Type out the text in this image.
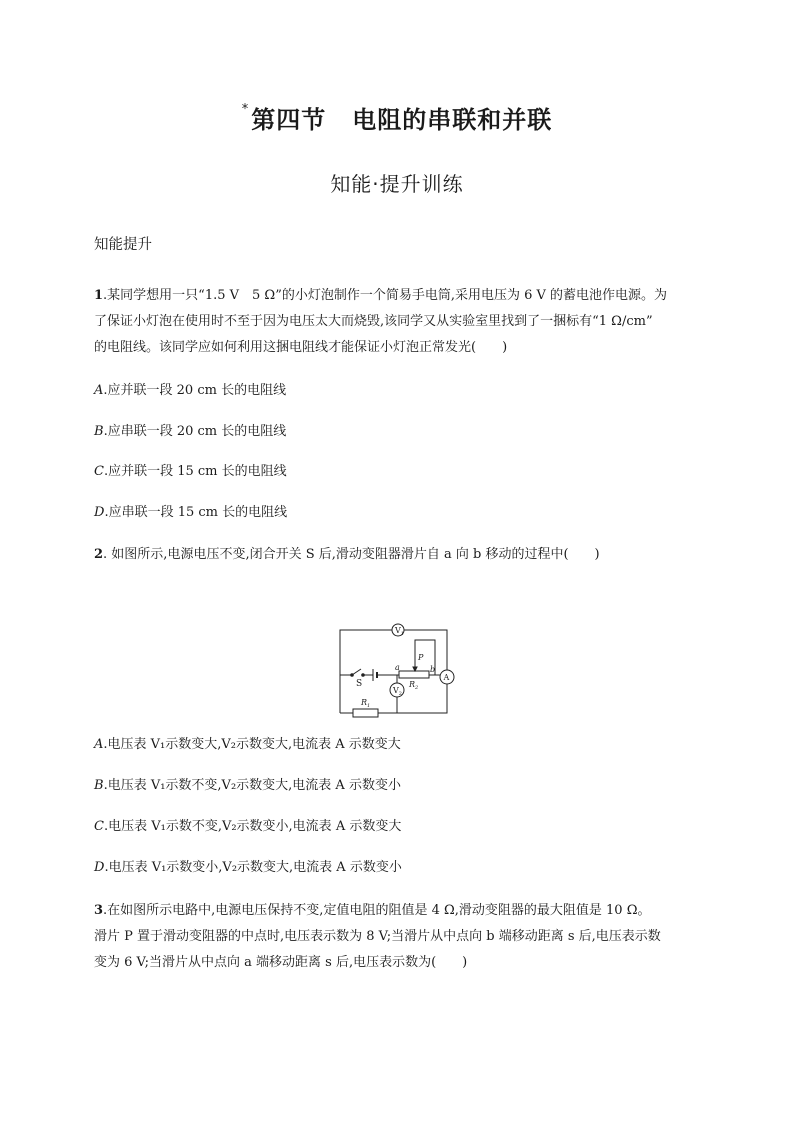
*第四节 电阻的串联和并联
知能·提升训练
知能提升
1.某同学想用一只“1.5 V　5 Ω”的小灯泡制作一个简易手电筒,采用电压为 6 V 的蓄电池作电源。为
了保证小灯泡在使用时不至于因为电压太大而烧毁,该同学又从实验室里找到了一捆标有“1 Ω/cm”
的电阻线。该同学应如何利用这捆电阻线才能保证小灯泡正常发光(　　)
A.应并联一段 20 cm 长的电阻线
B.应串联一段 20 cm 长的电阻线
C.应并联一段 15 cm 长的电阻线
D.应串联一段 15 cm 长的电阻线
2. 如图所示,电源电压不变,闭合开关 S 后,滑动变阻器滑片自 a 向 b 移动的过程中(　　)
$V_1$
S
P
a	b
$R_2$
A
$V_2$
$R_1$
A.电压表 V₁示数变大,V₂示数变大,电流表 A 示数变大
B.电压表 V₁示数不变,V₂示数变大,电流表 A 示数变小
C.电压表 V₁示数不变,V₂示数变小,电流表 A 示数变大
D.电压表 V₁示数变小,V₂示数变大,电流表 A 示数变小
3.在如图所示电路中,电源电压保持不变,定值电阻的阻值是 4 Ω,滑动变阻器的最大阻值是 10 Ω。
滑片 P 置于滑动变阻器的中点时,电压表示数为 8 V;当滑片从中点向 b 端移动距离 s 后,电压表示数
变为 6 V;当滑片从中点向 a 端移动距离 s 后,电压表示数为(　　)
